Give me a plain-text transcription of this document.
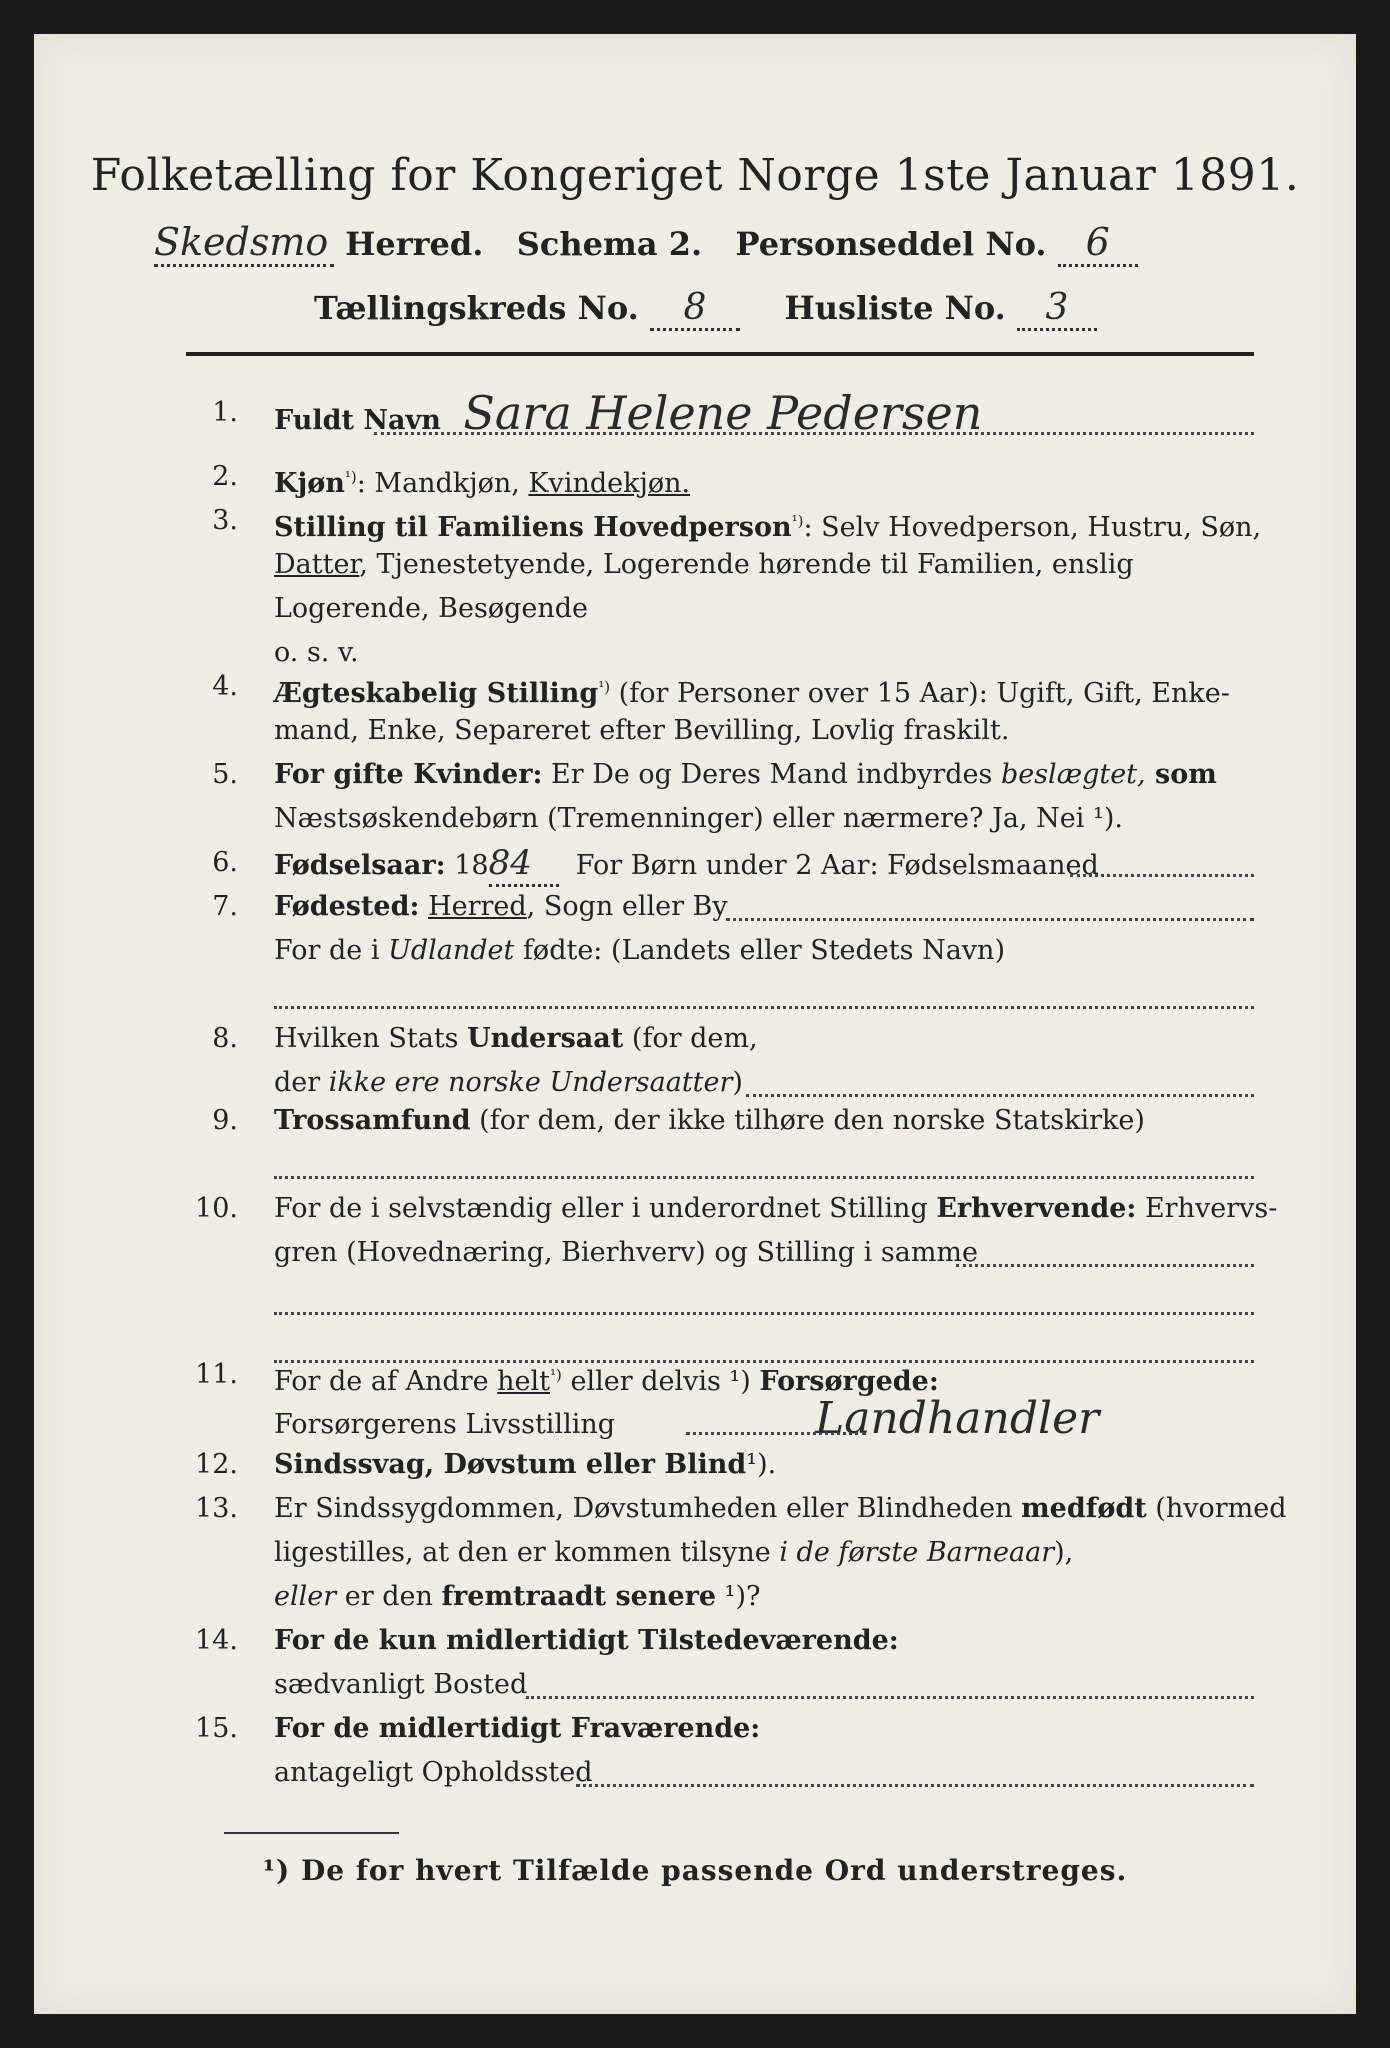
Folketælling for Kongeriget Norge 1ste Januar 1891.
Skedsmo Herred. Schema 2. Personseddel No. 6
Tællingskreds No. 8 Husliste No. 3
1. Fuldt Navn Sara Helene Pedersen
2. Kjøn$^{^1)}$: Mandkjøn, Kvindekjøn.
3. Stilling til Familiens Hovedperson$^{^1)}$: Selv Hovedperson, Hustru, Søn,
Datter, Tjenestetyende, Logerende hørende til Familien, enslig
Logerende, Besøgende
o. s. v.
4. Ægteskabelig Stilling$^{^1)}$ (for Personer over 15 Aar): Ugift, Gift, Enke-
mand, Enke, Separeret efter Bevilling, Lovlig fraskilt.
5. For gifte Kvinder: Er De og Deres Mand indbyrdes beslægtet, som
Næstsøskendebørn (Tremenninger) eller nærmere? Ja, Nei ¹).
6. Fødselsaar: 1884 For Børn under 2 Aar: Fødselsmaaned
7. Fødested: Herred, Sogn eller By
For de i Udlandet fødte: (Landets eller Stedets Navn)
8. Hvilken Stats Undersaat (for dem,
der ikke ere norske Undersaatter)
9. Trossamfund (for dem, der ikke tilhøre den norske Statskirke)
10. For de i selvstændig eller i underordnet Stilling Erhvervende: Erhvervs-
gren (Hovednæring, Bierhverv) og Stilling i samme
11. For de af Andre helt$^{^1)}$ eller delvis ¹) Forsørgede:
Forsørgerens Livsstilling	Landhandler
12. Sindssvag, Døvstum eller Blind¹).
13. Er Sindssygdommen, Døvstumheden eller Blindheden medfødt (hvormed
ligestilles, at den er kommen tilsyne i de første Barneaar),
eller er den fremtraadt senere ¹)?
14. For de kun midlertidigt Tilstedeværende:
sædvanligt Bosted
15. For de midlertidigt Fraværende:
antageligt Opholdssted
¹) De for hvert Tilfælde passende Ord understreges.
